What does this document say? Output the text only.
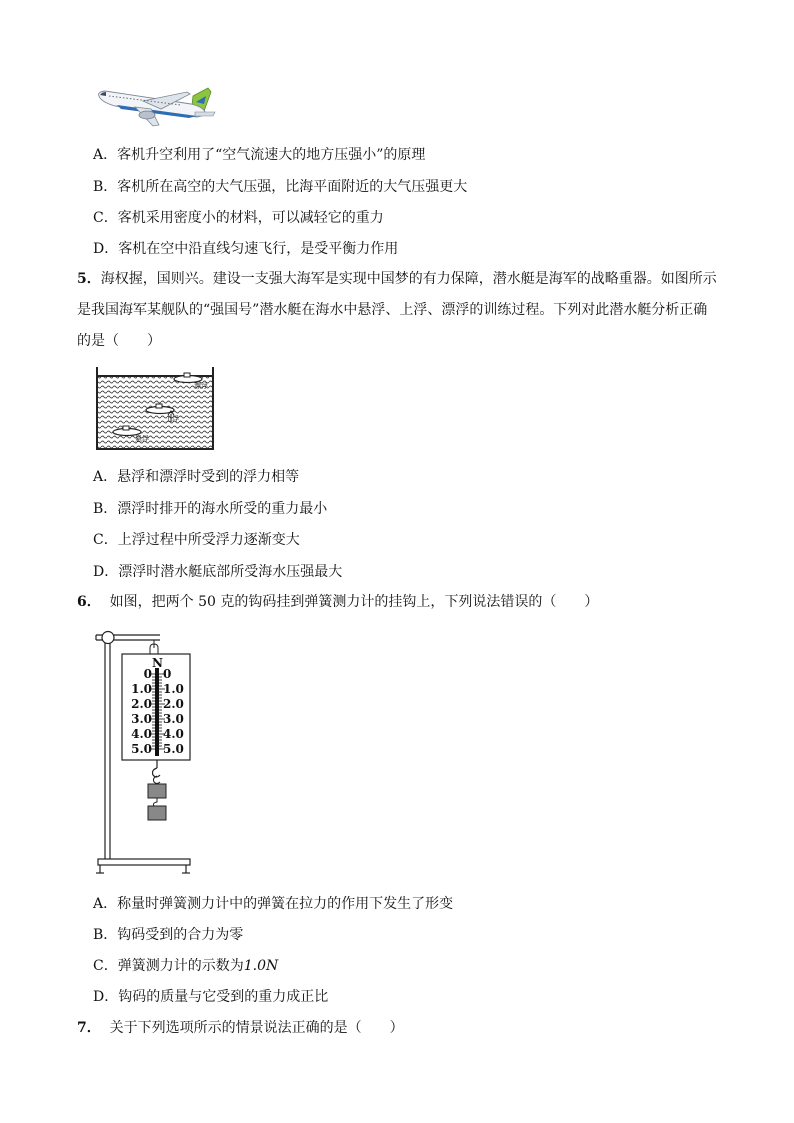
A．客机升空利用了“空气流速大的地方压强小”的原理
B．客机所在高空的大气压强，比海平面附近的大气压强更大
C．客机采用密度小的材料，可以减轻它的重力
D．客机在空中沿直线匀速飞行，是受平衡力作用
5．海权握，国则兴。建设一支强大海军是实现中国梦的有力保障，潜水艇是海军的战略重器。如图所示
是我国海军某舰队的“强国号”潜水艇在海水中悬浮、上浮、漂浮的训练过程。下列对此潜水艇分析正确
的是（　　）
漂浮
上浮
悬浮
A．悬浮和漂浮时受到的浮力相等
B．漂浮时排开的海水所受的重力最小
C．上浮过程中所受浮力逐渐变大
D．漂浮时潜水艇底部所受海水压强最大
6． 如图，把两个 50 克的钩码挂到弹簧测力计的挂钩上，下列说法错误的（　　）
N
0
1.0
2.0
3.0
4.0
5.0
0
1.0
2.0
3.0
4.0
5.0
A．称量时弹簧测力计中的弹簧在拉力的作用下发生了形变
B．钩码受到的合力为零
C．弹簧测力计的示数为1.0N
D．钩码的质量与它受到的重力成正比
7． 关于下列选项所示的情景说法正确的是（　　）
